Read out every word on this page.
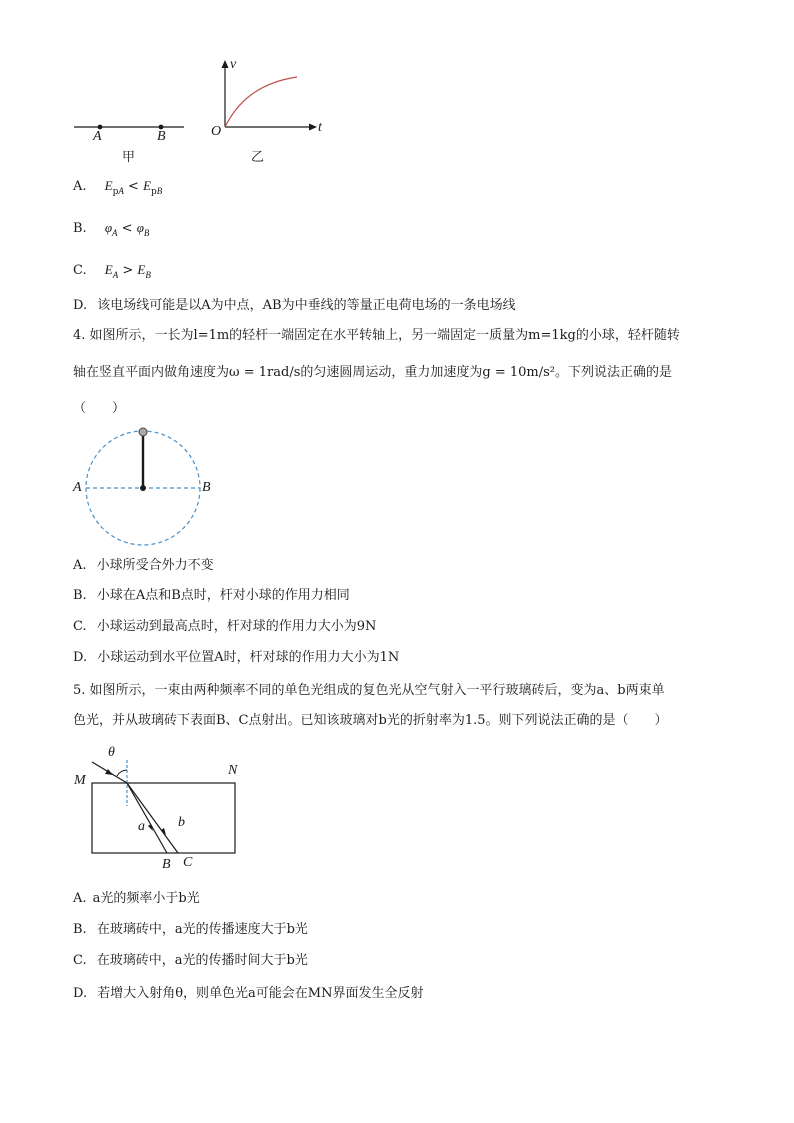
A	B
甲
v
t
O
乙
A. $E_{pA} < E_{pB}$
B. $\varphi_A < \varphi_B$
C. $E_A > E_B$
D. 该电场线可能是以A为中点，AB为中垂线的等量正电荷电场的一条电场线
4. 如图所示，一长为l=1m的轻杆一端固定在水平转轴上，另一端固定一质量为m=1kg的小球，轻杆随转
轴在竖直平面内做角速度为ω = 1rad/s的匀速圆周运动，重力加速度为g = 10m/s²。下列说法正确的是
（　　）
A	B
A. 小球所受合外力不变
B. 小球在A点和B点时，杆对小球的作用力相同
C. 小球运动到最高点时，杆对球的作用力大小为9N
D. 小球运动到水平位置A时，杆对球的作用力大小为1N
5. 如图所示，一束由两种频率不同的单色光组成的复色光从空气射入一平行玻璃砖后，变为a、b两束单
色光，并从玻璃砖下表面B、C点射出。已知该玻璃对b光的折射率为1.5。则下列说法正确的是（　　）
θ
M
N
a b
B C
A. a光的频率小于b光
B. 在玻璃砖中，a光的传播速度大于b光
C. 在玻璃砖中，a光的传播时间大于b光
D. 若增大入射角θ，则单色光a可能会在MN界面发生全反射
